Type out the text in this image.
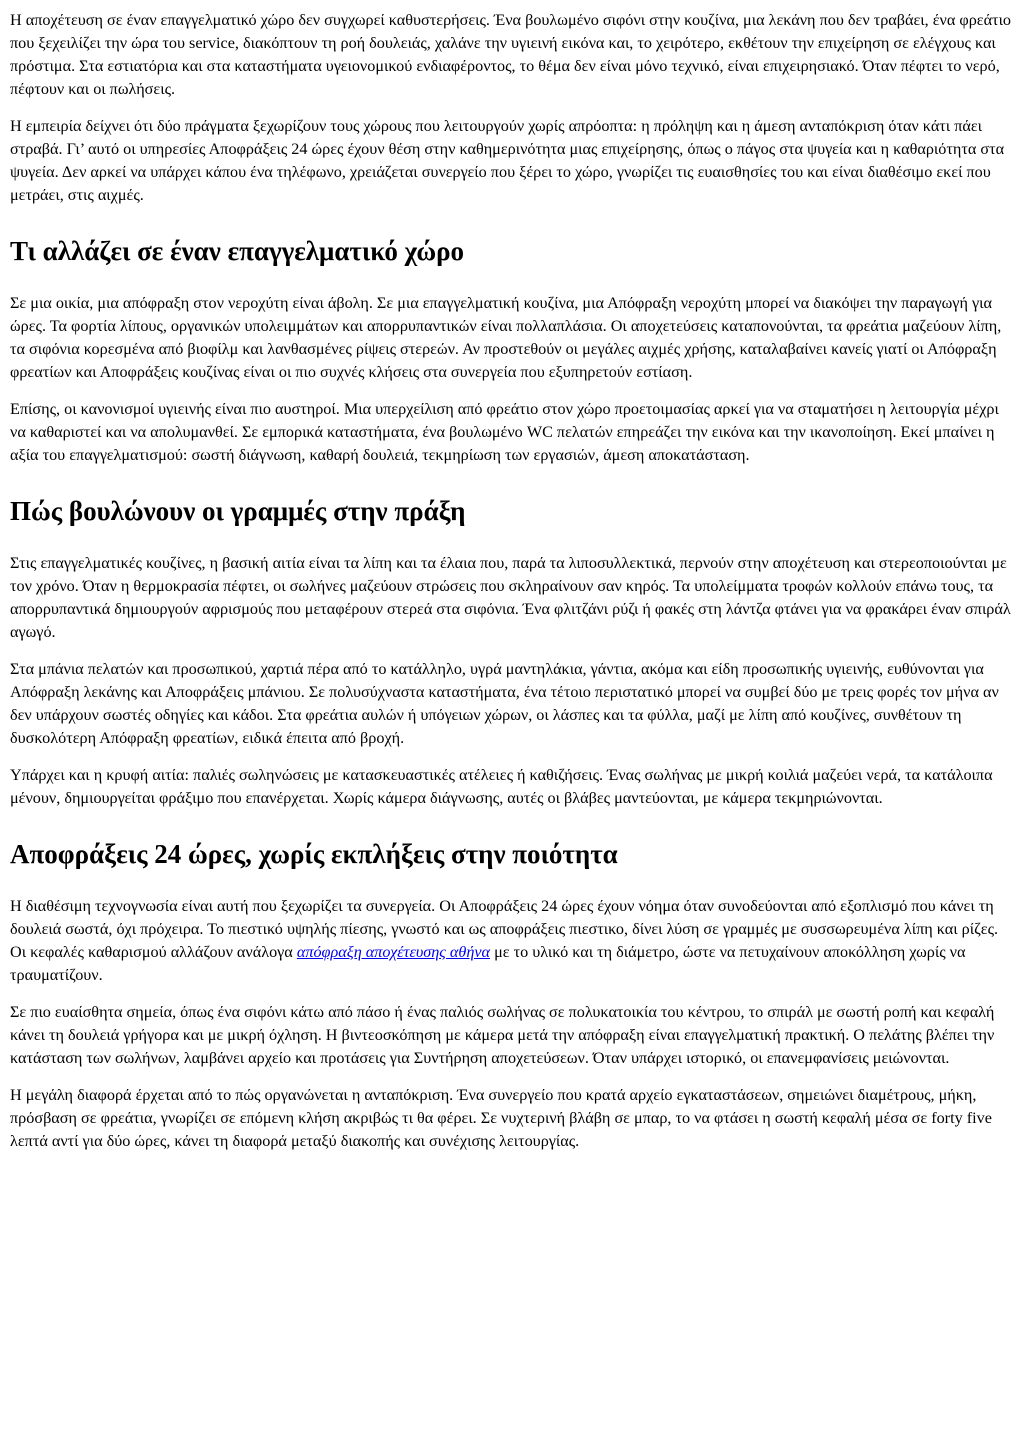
Η αποχέτευση σε έναν επαγγελματικό χώρο δεν συγχωρεί καθυστερήσεις. Ένα βουλωμένο σιφόνι στην κουζίνα, μια λεκάνη που δεν τραβάει, ένα φρεάτιο που ξεχειλίζει την ώρα του service, διακόπτουν τη ροή δουλειάς, χαλάνε την υγιεινή εικόνα και, το χειρότερο, εκθέτουν την επιχείρηση σε ελέγχους και πρόστιμα. Στα εστιατόρια και στα καταστήματα υγειονομικού ενδιαφέροντος, το θέμα δεν είναι μόνο τεχνικό, είναι επιχειρησιακό. Όταν πέφτει το νερό, πέφτουν και οι πωλήσεις.

Η εμπειρία δείχνει ότι δύο πράγματα ξεχωρίζουν τους χώρους που λειτουργούν χωρίς απρόοπτα: η πρόληψη και η άμεση ανταπόκριση όταν κάτι πάει στραβά. Γι’ αυτό οι υπηρεσίες Αποφράξεις 24 ώρες έχουν θέση στην καθημερινότητα μιας επιχείρησης, όπως ο πάγος στα ψυγεία και η καθαριότητα στα ψυγεία. Δεν αρκεί να υπάρχει κάπου ένα τηλέφωνο, χρειάζεται συνεργείο που ξέρει το χώρο, γνωρίζει τις ευαισθησίες του και είναι διαθέσιμο εκεί που μετράει, στις αιχμές.

Τι αλλάζει σε έναν επαγγελματικό χώρο

Σε μια οικία, μια απόφραξη στον νεροχύτη είναι άβολη. Σε μια επαγγελματική κουζίνα, μια Απόφραξη νεροχύτη μπορεί να διακόψει την παραγωγή για ώρες. Τα φορτία λίπους, οργανικών υπολειμμάτων και απορρυπαντικών είναι πολλαπλάσια. Οι αποχετεύσεις καταπονούνται, τα φρεάτια μαζεύουν λίπη, τα σιφόνια κορεσμένα από βιοφίλμ και λανθασμένες ρίψεις στερεών. Αν προστεθούν οι μεγάλες αιχμές χρήσης, καταλαβαίνει κανείς γιατί οι Απόφραξη φρεατίων και Αποφράξεις κουζίνας είναι οι πιο συχνές κλήσεις στα συνεργεία που εξυπηρετούν εστίαση.

Επίσης, οι κανονισμοί υγιεινής είναι πιο αυστηροί. Μια υπερχείλιση από φρεάτιο στον χώρο προετοιμασίας αρκεί για να σταματήσει η λειτουργία μέχρι να καθαριστεί και να απολυμανθεί. Σε εμπορικά καταστήματα, ένα βουλωμένο WC πελατών επηρεάζει την εικόνα και την ικανοποίηση. Εκεί μπαίνει η αξία του επαγγελματισμού: σωστή διάγνωση, καθαρή δουλειά, τεκμηρίωση των εργασιών, άμεση αποκατάσταση.

Πώς βουλώνουν οι γραμμές στην πράξη

Στις επαγγελματικές κουζίνες, η βασική αιτία είναι τα λίπη και τα έλαια που, παρά τα λιποσυλλεκτικά, περνούν στην αποχέτευση και στερεοποιούνται με τον χρόνο. Όταν η θερμοκρασία πέφτει, οι σωλήνες μαζεύουν στρώσεις που σκληραίνουν σαν κηρός. Τα υπολείμματα τροφών κολλούν επάνω τους, τα απορρυπαντικά δημιουργούν αφρισμούς που μεταφέρουν στερεά στα σιφόνια. Ένα φλιτζάνι ρύζι ή φακές στη λάντζα φτάνει για να φρακάρει έναν σπιράλ αγωγό.

Στα μπάνια πελατών και προσωπικού, χαρτιά πέρα από το κατάλληλο, υγρά μαντηλάκια, γάντια, ακόμα και είδη προσωπικής υγιεινής, ευθύνονται για Απόφραξη λεκάνης και Αποφράξεις μπάνιου. Σε πολυσύχναστα καταστήματα, ένα τέτοιο περιστατικό μπορεί να συμβεί δύο με τρεις φορές τον μήνα αν δεν υπάρχουν σωστές οδηγίες και κάδοι. Στα φρεάτια αυλών ή υπόγειων χώρων, οι λάσπες και τα φύλλα, μαζί με λίπη από κουζίνες, συνθέτουν τη δυσκολότερη Απόφραξη φρεατίων, ειδικά έπειτα από βροχή.

Υπάρχει και η κρυφή αιτία: παλιές σωληνώσεις με κατασκευαστικές ατέλειες ή καθιζήσεις. Ένας σωλήνας με μικρή κοιλιά μαζεύει νερά, τα κατάλοιπα μένουν, δημιουργείται φράξιμο που επανέρχεται. Χωρίς κάμερα διάγνωσης, αυτές οι βλάβες μαντεύονται, με κάμερα τεκμηριώνονται.

Αποφράξεις 24 ώρες, χωρίς εκπλήξεις στην ποιότητα

Η διαθέσιμη τεχνογνωσία είναι αυτή που ξεχωρίζει τα συνεργεία. Οι Αποφράξεις 24 ώρες έχουν νόημα όταν συνοδεύονται από εξοπλισμό που κάνει τη δουλειά σωστά, όχι πρόχειρα. Το πιεστικό υψηλής πίεσης, γνωστό και ως αποφράξεις πιεστικο, δίνει λύση σε γραμμές με συσσωρευμένα λίπη και ρίζες. Οι κεφαλές καθαρισμού αλλάζουν ανάλογα απόφραξη αποχέτευσης αθήνα με το υλικό και τη διάμετρο, ώστε να πετυχαίνουν αποκόλληση χωρίς να τραυματίζουν.

Σε πιο ευαίσθητα σημεία, όπως ένα σιφόνι κάτω από πάσο ή ένας παλιός σωλήνας σε πολυκατοικία του κέντρου, το σπιράλ με σωστή ροπή και κεφαλή κάνει τη δουλειά γρήγορα και με μικρή όχληση. Η βιντεοσκόπηση με κάμερα μετά την απόφραξη είναι επαγγελματική πρακτική. Ο πελάτης βλέπει την κατάσταση των σωλήνων, λαμβάνει αρχείο και προτάσεις για Συντήρηση αποχετεύσεων. Όταν υπάρχει ιστορικό, οι επανεμφανίσεις μειώνονται.

Η μεγάλη διαφορά έρχεται από το πώς οργανώνεται η ανταπόκριση. Ένα συνεργείο που κρατά αρχείο εγκαταστάσεων, σημειώνει διαμέτρους, μήκη, πρόσβαση σε φρεάτια, γνωρίζει σε επόμενη κλήση ακριβώς τι θα φέρει. Σε νυχτερινή βλάβη σε μπαρ, το να φτάσει η σωστή κεφαλή μέσα σε forty five λεπτά αντί για δύο ώρες, κάνει τη διαφορά μεταξύ διακοπής και συνέχισης λειτουργίας.
